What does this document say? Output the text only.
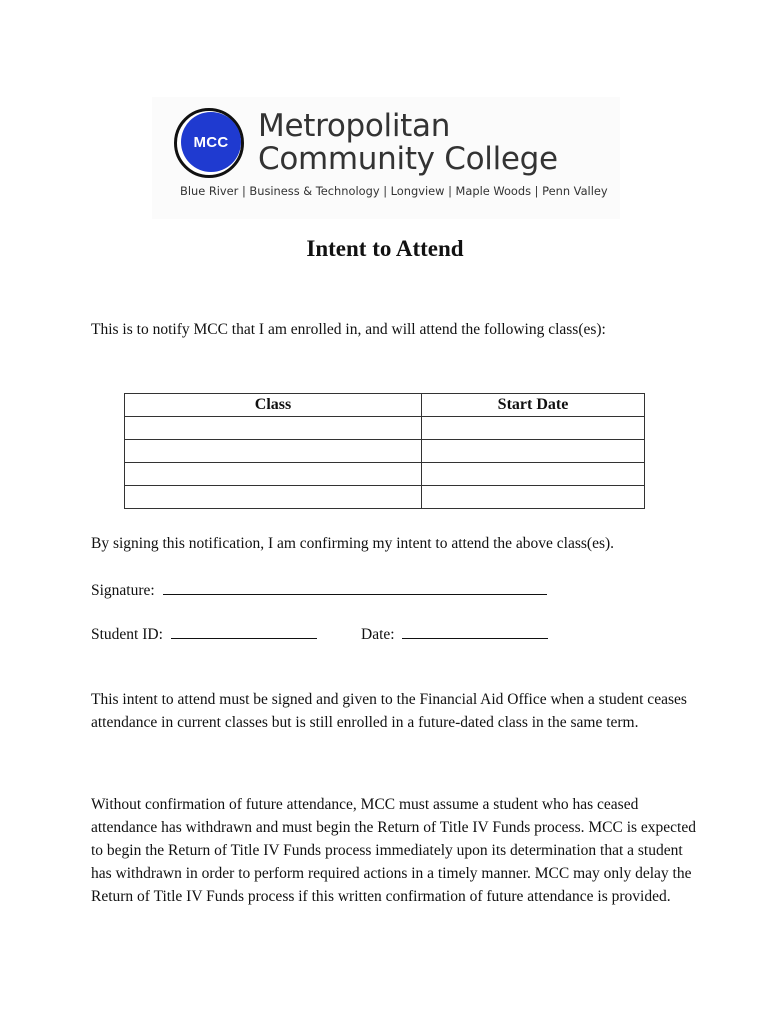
MCC Metropolitan
Community College
Blue River | Business & Technology | Longview | Maple Woods | Penn Valley
Intent to Attend
This is to notify MCC that I am enrolled in, and will attend the following class(es):
Class	Start Date

By signing this notification, I am confirming my intent to attend the above class(es).
Signature:
Student ID:	Date:
This intent to attend must be signed and given to the Financial Aid Office when a student ceases attendance in current classes but is still enrolled in a future-dated class in the same term.
Without confirmation of future attendance, MCC must assume a student who has ceased attendance has withdrawn and must begin the Return of Title IV Funds process. MCC is expected to begin the Return of Title IV Funds process immediately upon its determination that a student has withdrawn in order to perform required actions in a timely manner. MCC may only delay the Return of Title IV Funds process if this written confirmation of future attendance is provided.
